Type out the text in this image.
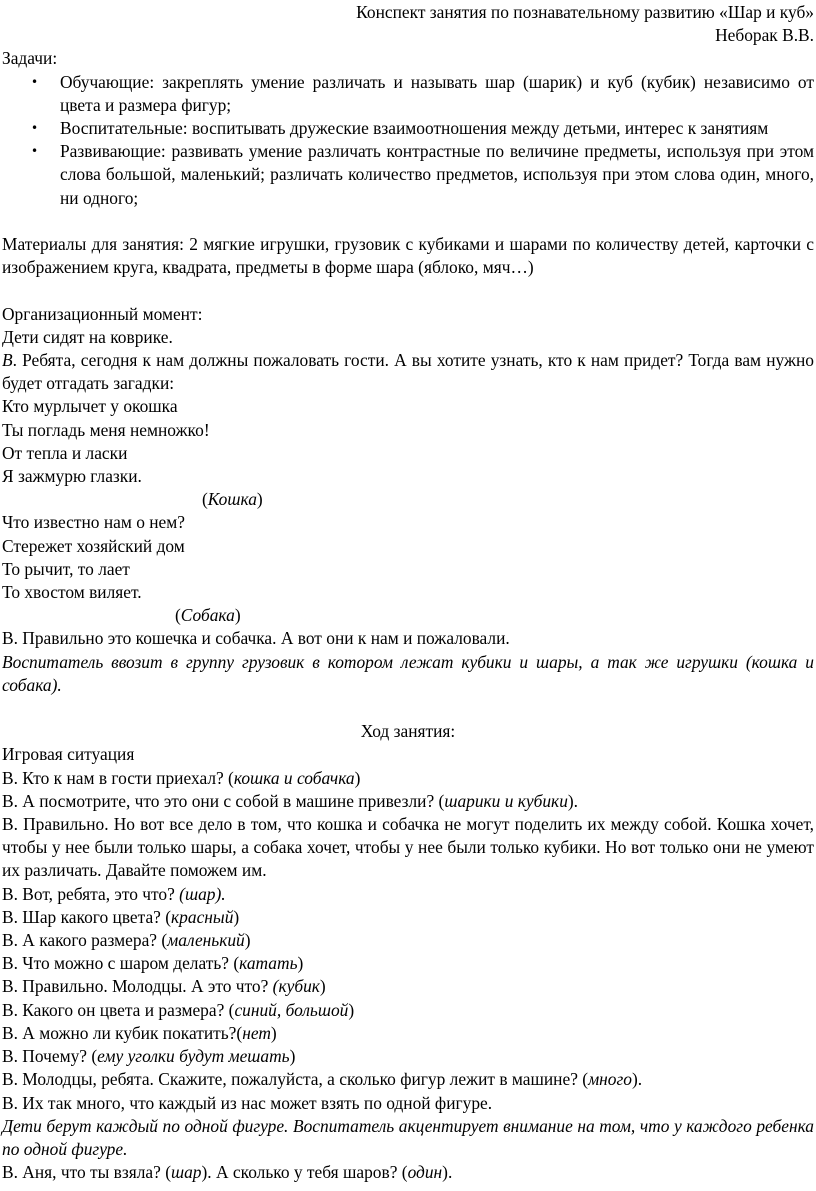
Конспект занятия по познавательному развитию «Шар и куб»

Неборак В.В.

Задачи:

• Обучающие: закреплять умение различать и называть шар (шарик) и куб (кубик) независимо от цвета и размера фигур;
• Воспитательные: воспитывать дружеские взаимоотношения между детьми, интерес к занятиям
• Развивающие: развивать умение различать контрастные по величине предметы, используя при этом слова большой, маленький; различать количество предметов, используя при этом слова один, много, ни одного;

Материалы для занятия: 2 мягкие игрушки, грузовик с кубиками и шарами по количеству детей, карточки с изображением круга, квадрата, предметы в форме шара (яблоко, мяч…)

Организационный момент:

Дети сидят на коврике.

В. Ребята, сегодня к нам должны пожаловать гости. А вы хотите узнать, кто к нам придет? Тогда вам нужно будет отгадать загадки:

Кто мурлычет у окошка

Ты погладь меня немножко!

От тепла и ласки

Я зажмурю глазки.

(Кошка)

Что известно нам о нем?

Стережет хозяйский дом

То рычит, то лает

То хвостом виляет.

(Собака)

В. Правильно это кошечка и собачка. А вот они к нам и пожаловали.

Воспитатель ввозит в группу грузовик в котором лежат кубики и шары, а так же игрушки (кошка и собака).

Ход занятия:

Игровая ситуация

В. Кто к нам в гости приехал? (кошка и собачка)

В. А посмотрите, что это они с собой в машине привезли? (шарики и кубики).

В. Правильно. Но вот все дело в том, что кошка и собачка не могут поделить их между собой. Кошка хочет, чтобы у нее были только шары, а собака хочет, чтобы у нее были только кубики. Но вот только они не умеют их различать. Давайте поможем им.

В. Вот, ребята, это что? (шар).

В. Шар какого цвета? (красный)

В. А какого размера? (маленький)

В. Что можно с шаром делать? (катать)

В. Правильно. Молодцы. А это что? (кубик)

В. Какого он цвета и размера? (синий, большой)

В. А можно ли кубик покатить?(нет)

В. Почему? (ему уголки будут мешать)

В. Молодцы, ребята. Скажите, пожалуйста, а сколько фигур лежит в машине? (много).

В. Их так много, что каждый из нас может взять по одной фигуре.

Дети берут каждый по одной фигуре. Воспитатель акцентирует внимание на том, что у каждого ребенка по одной фигуре.

В. Аня, что ты взяла? (шар). А сколько у тебя шаров? (один).
